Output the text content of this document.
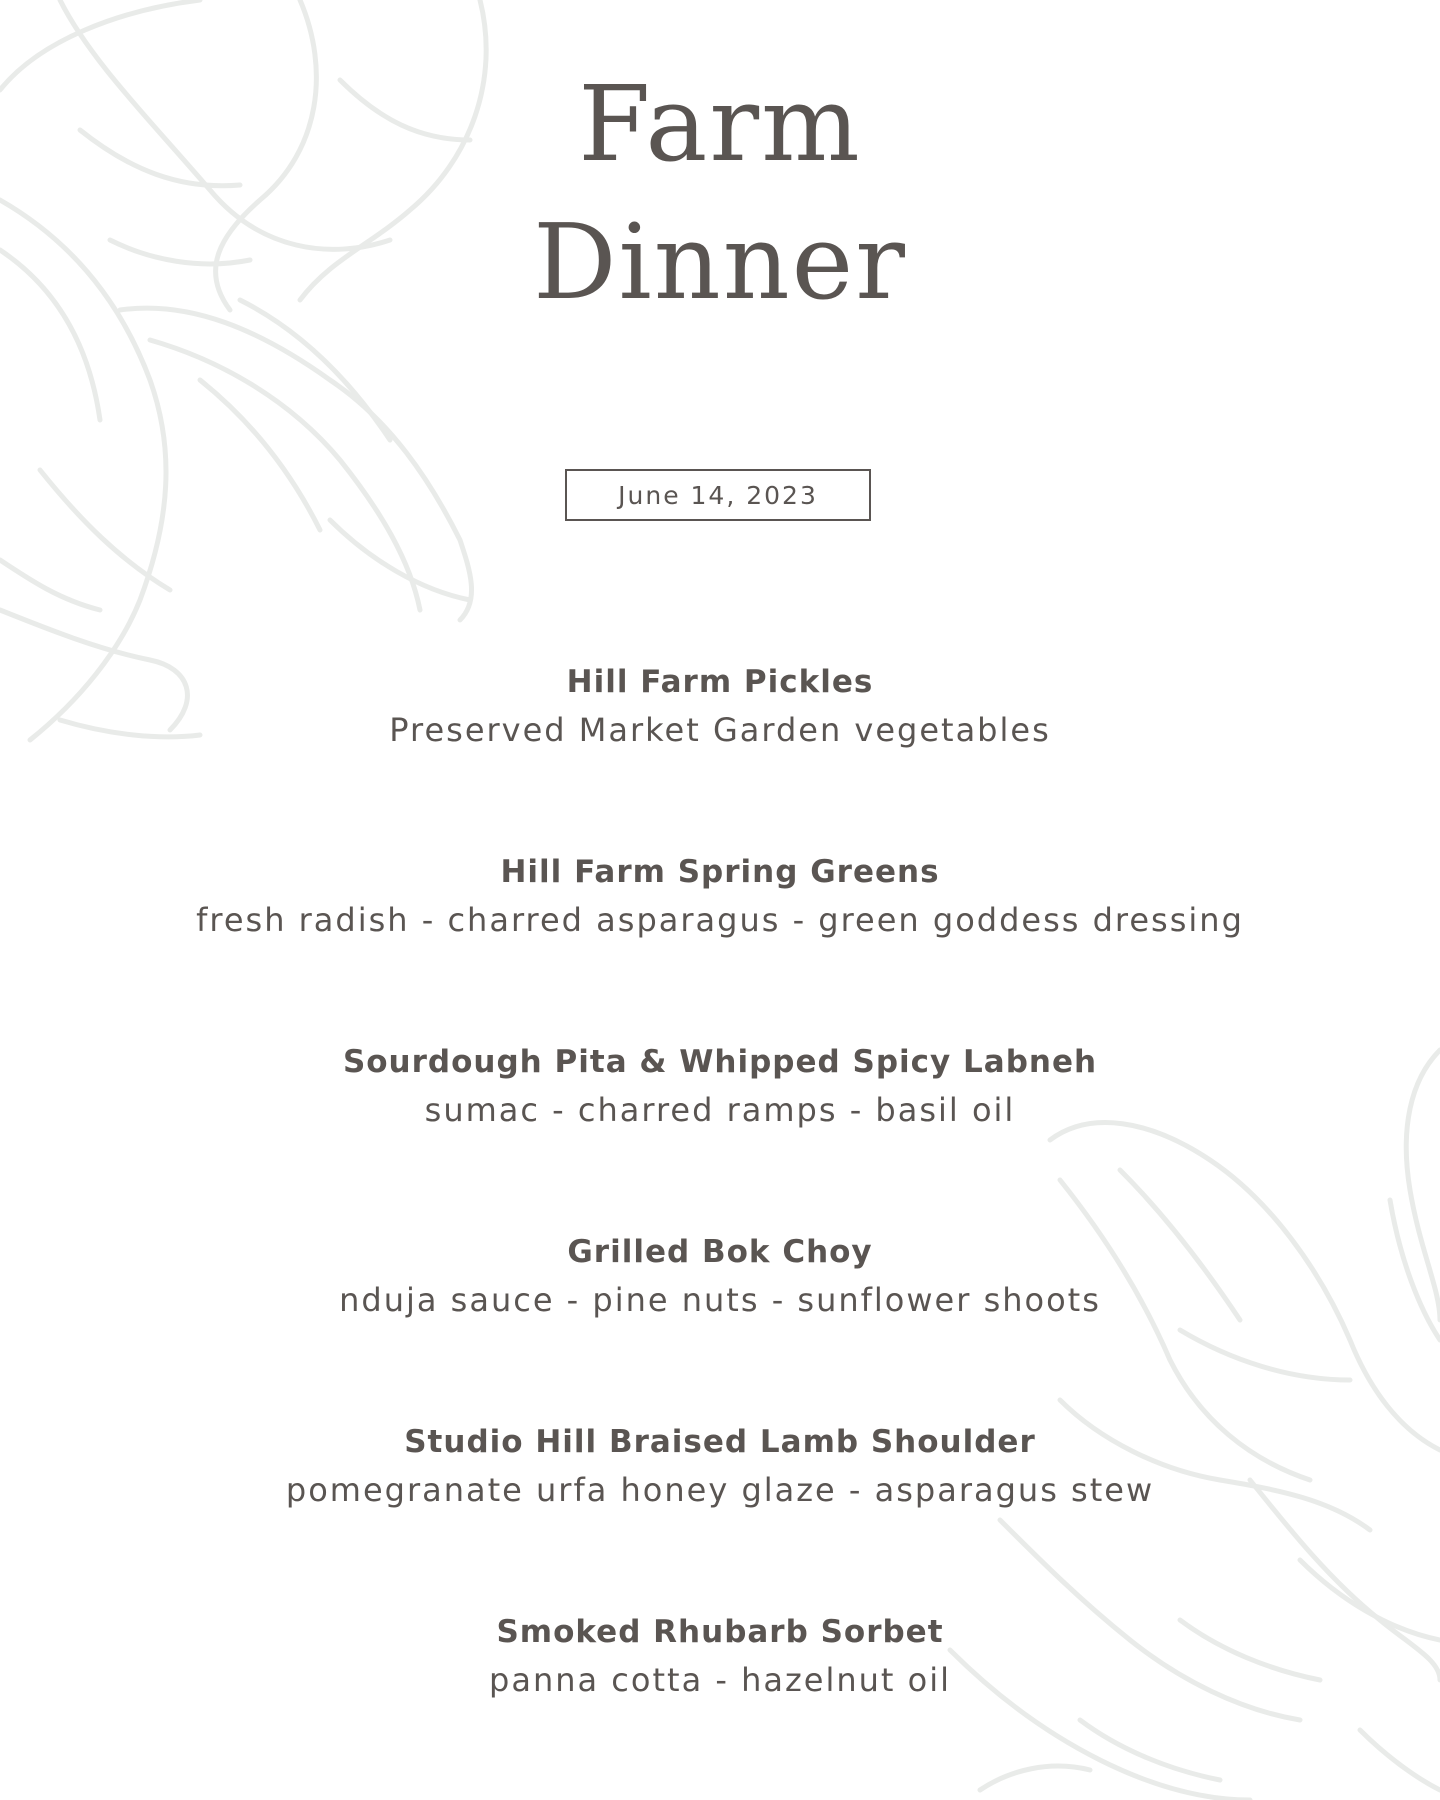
Farm
Dinner
June 14, 2023
Hill Farm Pickles
Preserved Market Garden vegetables
Hill Farm Spring Greens
fresh radish - charred asparagus - green goddess dressing
Sourdough Pita & Whipped Spicy Labneh
sumac - charred ramps - basil oil
Grilled Bok Choy
nduja sauce - pine nuts - sunflower shoots
Studio Hill Braised Lamb Shoulder
pomegranate urfa honey glaze - asparagus stew
Smoked Rhubarb Sorbet
panna cotta - hazelnut oil
